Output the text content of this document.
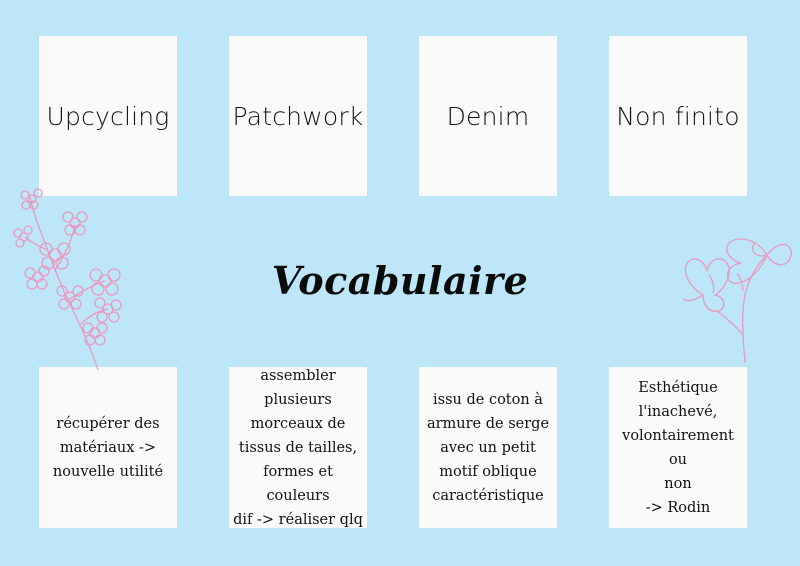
Upcycling	Patchwork	Denim	Non finito
Vocabulaire
récupérer des
matériaux ->
nouvelle utilité
assembler
plusieurs
morceaux de
tissus de tailles,
formes et couleurs
dif -> réaliser qlq
issu de coton à
armure de serge
avec un petit
motif oblique
caractéristique
Esthétique
l'inachevé,
volontairement ou
non
-> Rodin
